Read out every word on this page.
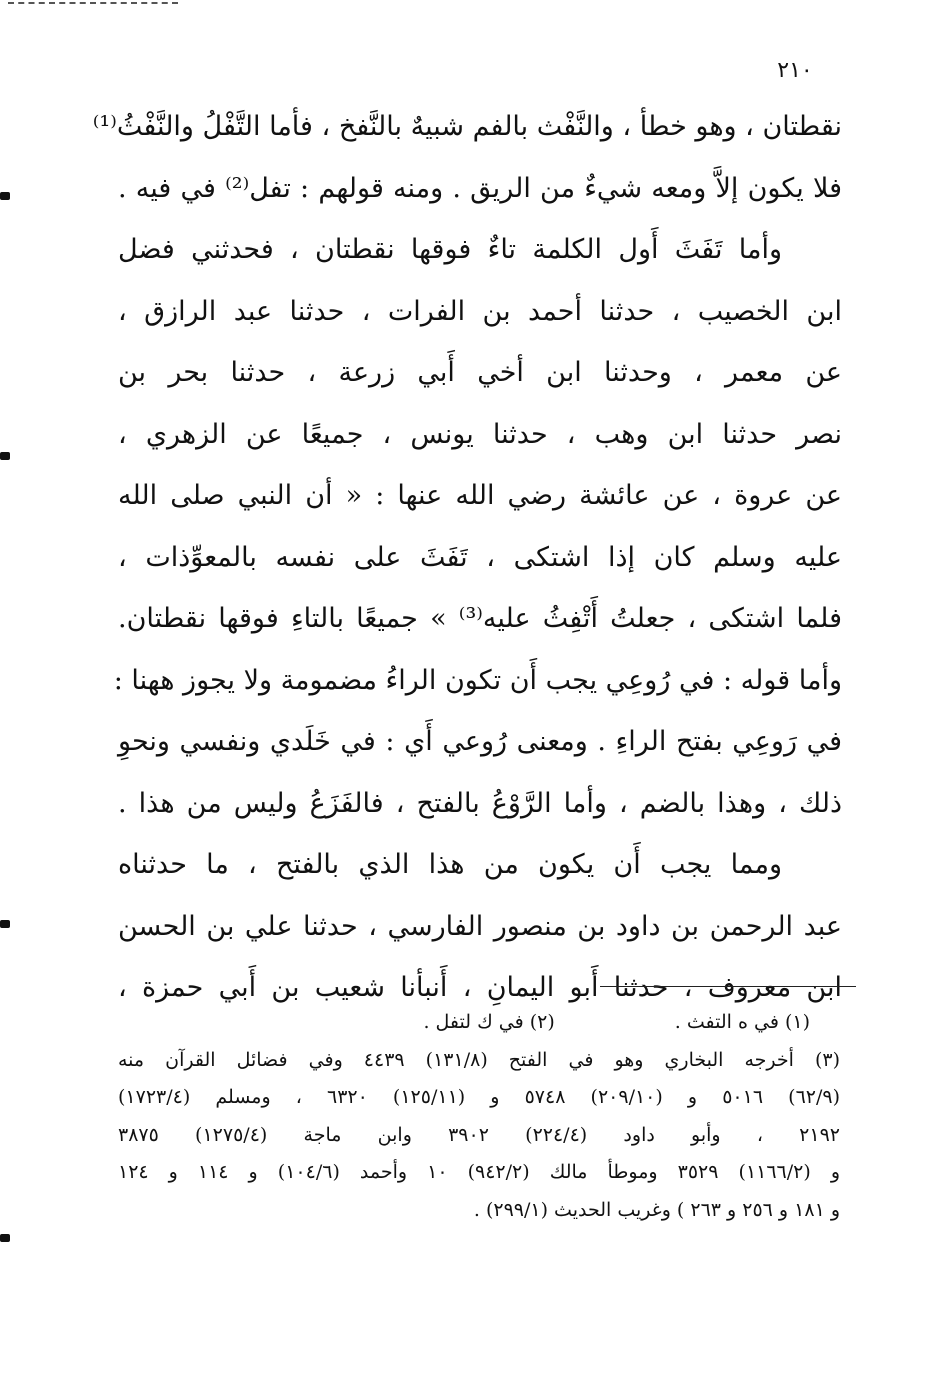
٢١٠
نقطتان ، وهو خطأ ، والنَّفْث بالفم شبيهٌ بالنَّفخ ، فأما التَّفْلُ والنَّفْثُ⁽¹⁾
فلا يكون إلاَّ ومعه شيءٌ من الريق . ومنه قولهم : تفل⁽²⁾ في فيه .
وأما تَفَثَ أَول الكلمة تاءٌ فوقها نقطتان ، فحدثني فضل
ابن الخصيب ، حدثنا أحمد بن الفرات ، حدثنا عبد الرازق ،
عن معمر ، وحدثنا ابن أخي أَبي زرعة ، حدثنا بحر بن
نصر حدثنا ابن وهب ، حدثنا يونس ، جميعًا عن الزهري ،
عن عروة ، عن عائشة رضي الله عنها : « أن النبي صلى الله
عليه وسلم كان إذا اشتكى ، تَفَثَ على نفسه بالمعوِّذات ،
فلما اشتكى ، جعلتُ أَتْفِثُ عليه⁽³⁾ » جميعًا بالتاءِ فوقها نقطتان.
وأما قوله : في رُوعِي يجب أَن تكون الراءُ مضمومة ولا يجوز ههنا :
في رَوعِي بفتح الراءِ . ومعنى رُوعي أَي : في خَلَدي ونفسي ونحوِ
ذلك ، وهذا بالضم ، وأما الرَّوْعُ بالفتح ، فالفَزَعُ وليس من هذا .
ومما يجب أَن يكون من هذا الذي بالفتح ، ما حدثناه
عبد الرحمن بن داود بن منصور الفارسي ، حدثنا علي بن الحسن
ابن معروف ، حدثنا أَبو اليمانِ ، أَنبأنا شعيب بن أَبي حمزة ،
(١) في ه التفث .
(٢) في ك لتفل .
(٣) أخرجه البخاري وهو في الفتح (١٣١/٨) ٤٤٣٩ وفي فضائل القرآن منه
(٦٢/٩) ٥٠١٦ و (٢٠٩/١٠) ٥٧٤٨ و (١٢٥/١١) ٦٣٢٠ ، ومسلم (١٧٢٣/٤)
٢١٩٢ ، وأبو داود (٢٢٤/٤) ٣٩٠٢ وابن ماجة (١٢٧٥/٤) ٣٨٧٥
و (١١٦٦/٢) ٣٥٢٩ وموطأ مالك (٩٤٢/٢) ١٠ وأحمد (١٠٤/٦) و ١١٤ و ١٢٤
و ١٨١ و ٢٥٦ و ٢٦٣ ) وغريب الحديث (٢٩٩/١) .
